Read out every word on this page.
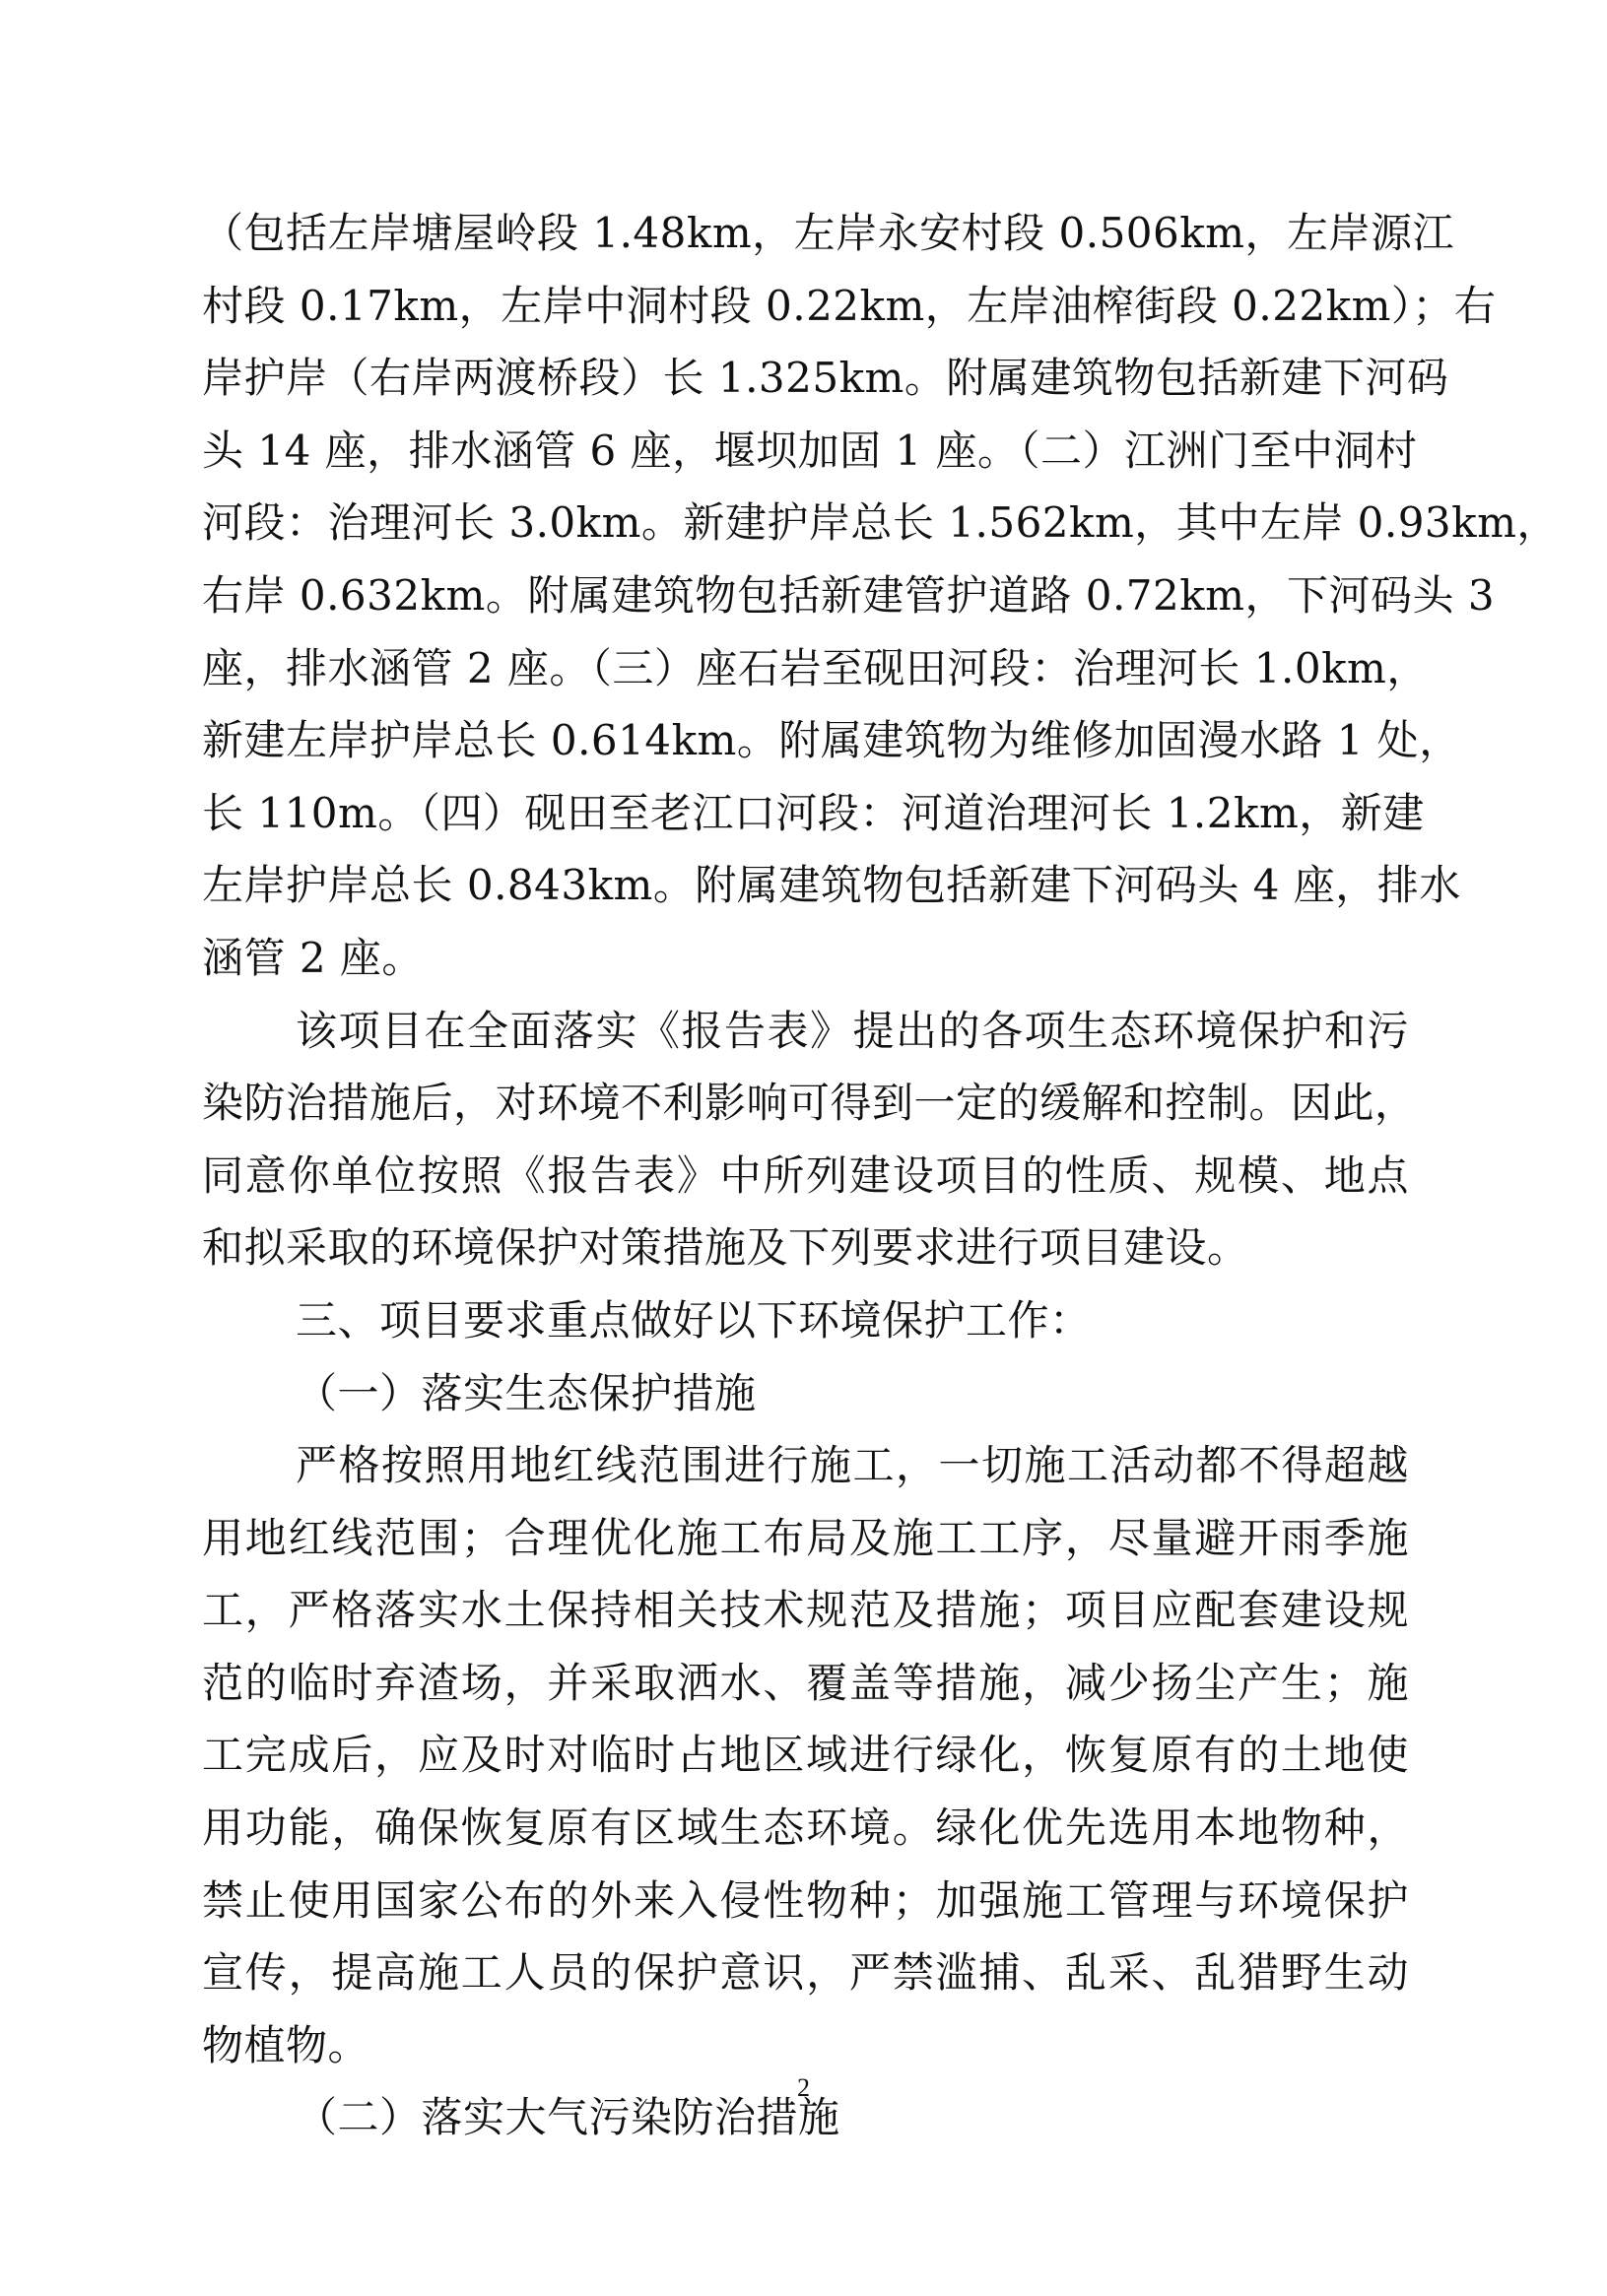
（包括左岸塘屋岭段 1.48km，左岸永安村段 0.506km，左岸源江
村段 0.17km，左岸中洞村段 0.22km，左岸油榨街段 0.22km）；右
岸护岸（右岸两渡桥段）长 1.325km。附属建筑物包括新建下河码
头 14 座，排水涵管 6 座，堰坝加固 1 座。（二）江洲门至中洞村
河段：治理河长 3.0km。新建护岸总长 1.562km，其中左岸 0.93km，
右岸 0.632km。附属建筑物包括新建管护道路 0.72km，下河码头 3
座，排水涵管 2 座。（三）座石岩至砚田河段：治理河长 1.0km，
新建左岸护岸总长 0.614km。附属建筑物为维修加固漫水路 1 处，
长 110m。（四）砚田至老江口河段：河道治理河长 1.2km，新建
左岸护岸总长 0.843km。附属建筑物包括新建下河码头 4 座，排水
涵管 2 座。
该项目在全面落实《报告表》提出的各项生态环境保护和污
染防治措施后，对环境不利影响可得到一定的缓解和控制。因此，
同意你单位按照《报告表》中所列建设项目的性质、规模、地点
和拟采取的环境保护对策措施及下列要求进行项目建设。
三、项目要求重点做好以下环境保护工作：
（一）落实生态保护措施
严格按照用地红线范围进行施工，一切施工活动都不得超越
用地红线范围；合理优化施工布局及施工工序，尽量避开雨季施
工，严格落实水土保持相关技术规范及措施；项目应配套建设规
范的临时弃渣场，并采取洒水、覆盖等措施，减少扬尘产生；施
工完成后，应及时对临时占地区域进行绿化，恢复原有的土地使
用功能，确保恢复原有区域生态环境。绿化优先选用本地物种，
禁止使用国家公布的外来入侵性物种；加强施工管理与环境保护
宣传，提高施工人员的保护意识，严禁滥捕、乱采、乱猎野生动
物植物。
（二）落实大气污染防治措施
2
